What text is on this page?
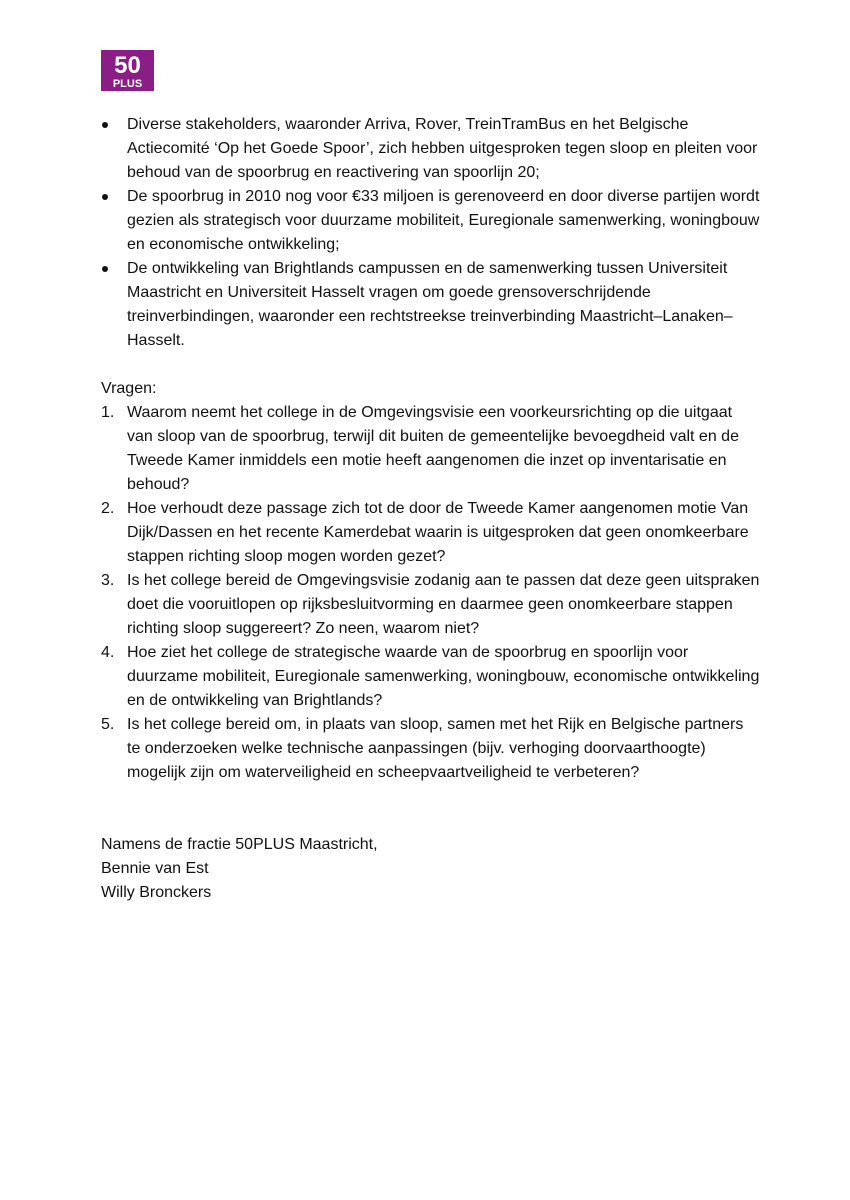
50
PLUS
Diverse stakeholders, waaronder Arriva, Rover, TreinTramBus en het Belgische Actiecomité ‘Op het Goede Spoor’, zich hebben uitgesproken tegen sloop en pleiten voor behoud van de spoorbrug en reactivering van spoorlijn 20;
De spoorbrug in 2010 nog voor €33 miljoen is gerenoveerd en door diverse partijen wordt gezien als strategisch voor duurzame mobiliteit, Euregionale samenwerking, woningbouw en economische ontwikkeling;
De ontwikkeling van Brightlands campussen en de samenwerking tussen Universiteit Maastricht en Universiteit Hasselt vragen om goede grensoverschrijdende treinverbindingen, waaronder een rechtstreekse treinverbinding Maastricht–Lanaken–Hasselt.
Vragen:
1. Waarom neemt het college in de Omgevingsvisie een voorkeursrichting op die uitgaat van sloop van de spoorbrug, terwijl dit buiten de gemeentelijke bevoegdheid valt en de Tweede Kamer inmiddels een motie heeft aangenomen die inzet op inventarisatie en behoud?
2. Hoe verhoudt deze passage zich tot de door de Tweede Kamer aangenomen motie Van Dijk/Dassen en het recente Kamerdebat waarin is uitgesproken dat geen onomkeerbare stappen richting sloop mogen worden gezet?
3. Is het college bereid de Omgevingsvisie zodanig aan te passen dat deze geen uitspraken doet die vooruitlopen op rijksbesluitvorming en daarmee geen onomkeerbare stappen richting sloop suggereert? Zo neen, waarom niet?
4. Hoe ziet het college de strategische waarde van de spoorbrug en spoorlijn voor duurzame mobiliteit, Euregionale samenwerking, woningbouw, economische ontwikkeling en de ontwikkeling van Brightlands?
5. Is het college bereid om, in plaats van sloop, samen met het Rijk en Belgische partners te onderzoeken welke technische aanpassingen (bijv. verhoging doorvaarthoogte) mogelijk zijn om waterveiligheid en scheepvaartveiligheid te verbeteren?
Namens de fractie 50PLUS Maastricht,
Bennie van Est
Willy Bronckers
